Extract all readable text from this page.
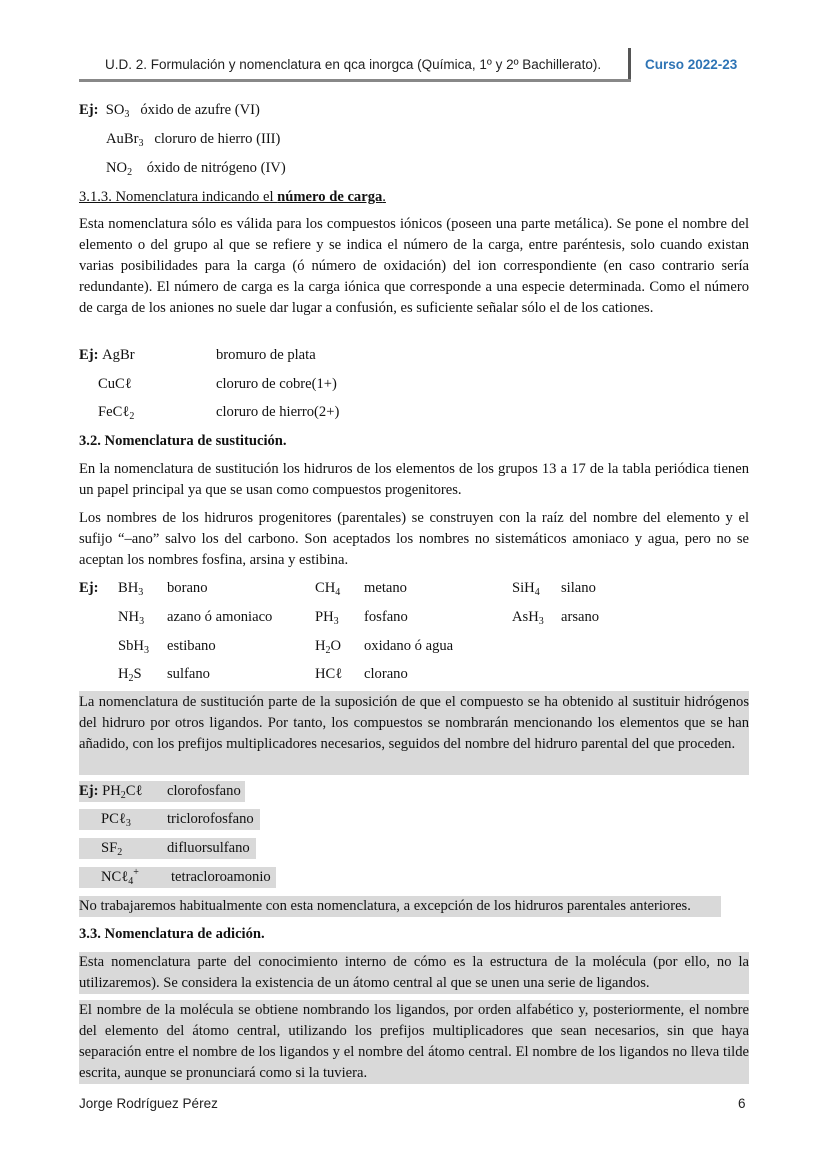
U.D. 2. Formulación y nomenclatura en qca inorgca (Química, 1º y 2º Bachillerato).	Curso 2022-23
Ej: $SO_3$ óxido de azufre (VI)
AuBr$_3$ cloruro de hierro (III)
$NO_2$ óxido de nitrógeno (IV)
3.1.3. Nomenclatura indicando el número de carga.

Esta nomenclatura sólo es válida para los compuestos iónicos (poseen una parte metálica). Se pone el nombre del elemento o del grupo al que se refiere y se indica el número de la carga, entre paréntesis, solo cuando existan varias posibilidades para la carga (ó número de oxidación) del ion correspondiente (en caso contrario sería redundante). El número de carga es la carga iónica que corresponde a una especie determinada. Como el número de carga de los aniones no suele dar lugar a confusión, es suficiente señalar sólo el de los cationes.

Ej: AgBr	bromuro de plata
CuCℓ	cloruro de cobre(1+)
FeCℓ$_2$	cloruro de hierro(2+)
3.2. Nomenclatura de sustitución.

En la nomenclatura de sustitución los hidruros de los elementos de los grupos 13 a 17 de la tabla periódica tienen un papel principal ya que se usan como compuestos progenitores.

Los nombres de los hidruros progenitores (parentales) se construyen con la raíz del nombre del elemento y el sufijo “–ano” salvo los del carbono. Son aceptados los nombres no sistemáticos amoniaco y agua, pero no se aceptan los nombres fosfina, arsina y estibina.

Ej: $BH_3$ borano	$CH_4$ metano	SiH$_4$ silano
$NH_3$ azano ó amoniaco	$PH_3$ fosfano	AsH$_3$ arsano
SbH$_3$ estibano	$H_2O$ oxidano ó agua
$H_2S$ sulfano	HCℓ clorano

La nomenclatura de sustitución parte de la suposición de que el compuesto se ha obtenido al sustituir hidrógenos del hidruro por otros ligandos. Por tanto, los compuestos se nombrarán mencionando los elementos que se han añadido, con los prefijos multiplicadores necesarios, seguidos del nombre del hidruro parental del que proceden.

Ej: $PH_2C\ell$ clorofosfano
PCℓ$_3$ triclorofosfano
$SF_2$	difluorsulfano
NCℓ$_4$+ tetracloroamonio
No trabajaremos habitualmente con esta nomenclatura, a excepción de los hidruros parentales anteriores.
3.3. Nomenclatura de adición.

Esta nomenclatura parte del conocimiento interno de cómo es la estructura de la molécula (por ello, no la utilizaremos). Se considera la existencia de un átomo central al que se unen una serie de ligandos.

El nombre de la molécula se obtiene nombrando los ligandos, por orden alfabético y, posteriormente, el nombre del elemento del átomo central, utilizando los prefijos multiplicadores que sean necesarios, sin que haya separación entre el nombre de los ligandos y el nombre del átomo central. El nombre de los ligandos no lleva tilde escrita, aunque se pronunciará como si la tuviera.

Jorge Rodríguez Pérez	6
